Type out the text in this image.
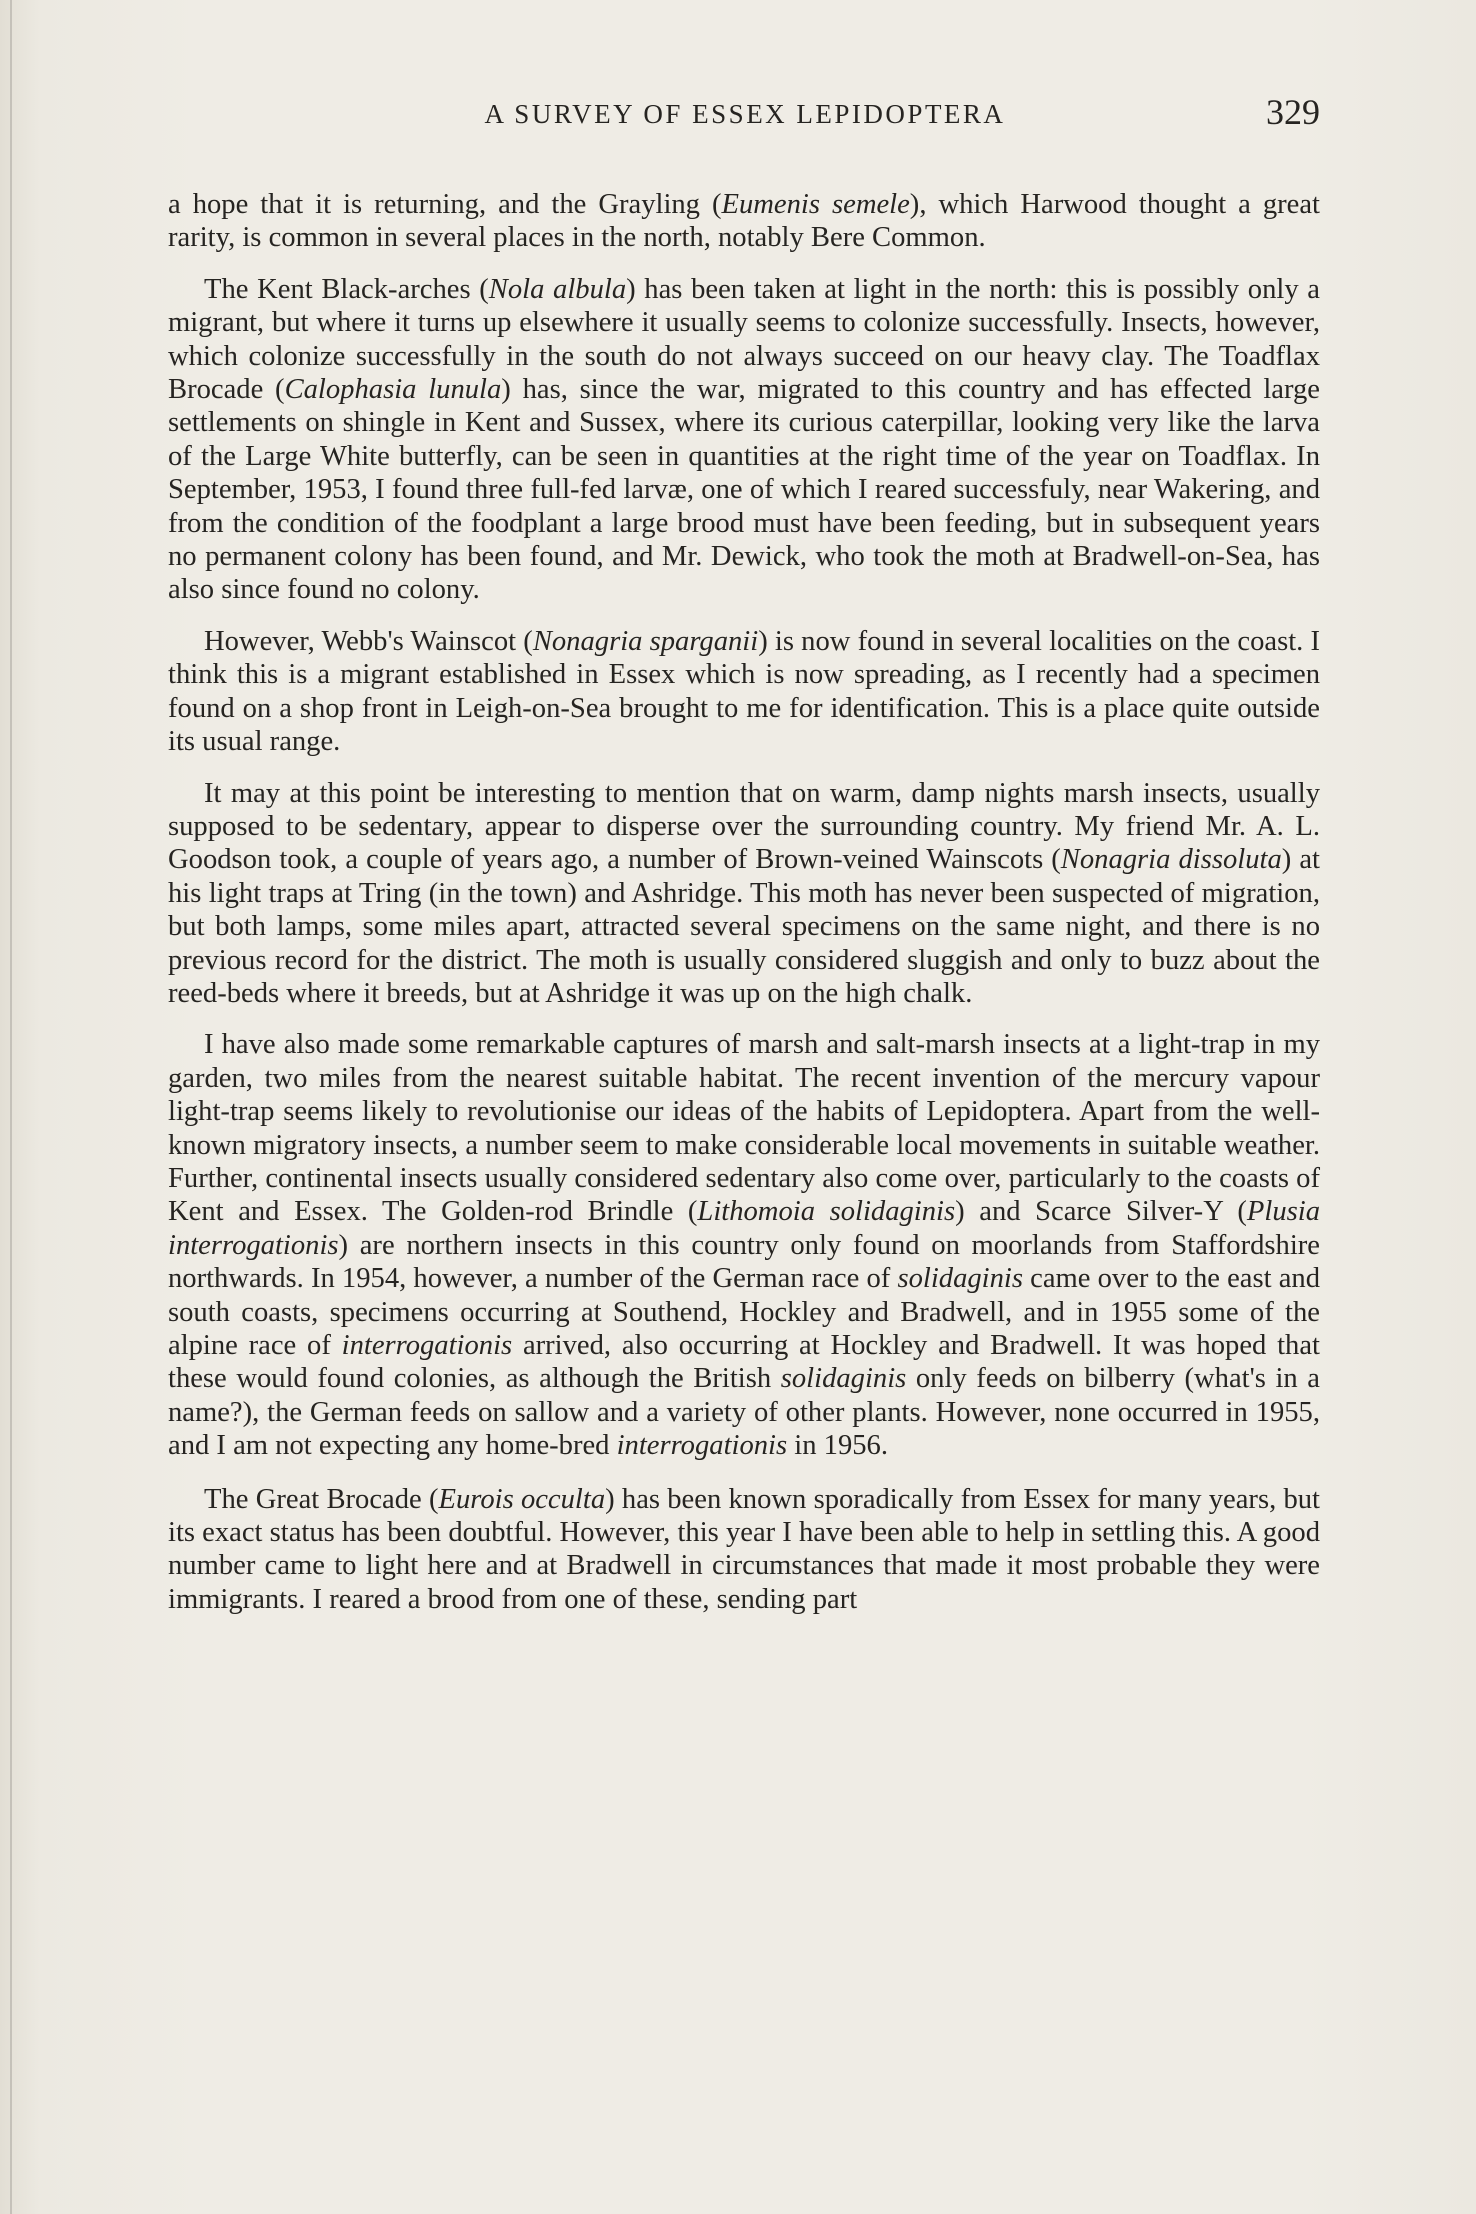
A SURVEY OF ESSEX LEPIDOPTERA	329

a hope that it is returning, and the Grayling (Eumenis semele), which Harwood thought a great rarity, is common in several places in the north, notably Bere Common.

The Kent Black-arches (Nola albula) has been taken at light in the north: this is possibly only a migrant, but where it turns up elsewhere it usually seems to colonize successfully. Insects, however, which colonize successfully in the south do not always succeed on our heavy clay. The Toadflax Brocade (Calophasia lunula) has, since the war, migrated to this country and has effected large settlements on shingle in Kent and Sussex, where its curious caterpillar, looking very like the larva of the Large White butterfly, can be seen in quantities at the right time of the year on Toadflax. In September, 1953, I found three full-fed larvæ, one of which I reared successfuly, near Wakering, and from the condition of the foodplant a large brood must have been feeding, but in subsequent years no permanent colony has been found, and Mr. Dewick, who took the moth at Bradwell-on-Sea, has also since found no colony.

However, Webb's Wainscot (Nonagria sparganii) is now found in several localities on the coast. I think this is a migrant established in Essex which is now spreading, as I recently had a specimen found on a shop front in Leigh-on-Sea brought to me for identification. This is a place quite outside its usual range.

It may at this point be interesting to mention that on warm, damp nights marsh insects, usually supposed to be sedentary, appear to disperse over the surrounding country. My friend Mr. A. L. Goodson took, a couple of years ago, a number of Brown-veined Wainscots (Nonagria dissoluta) at his light traps at Tring (in the town) and Ashridge. This moth has never been suspected of migration, but both lamps, some miles apart, attracted several specimens on the same night, and there is no previous record for the district. The moth is usually considered sluggish and only to buzz about the reed-beds where it breeds, but at Ashridge it was up on the high chalk.

I have also made some remarkable captures of marsh and salt-marsh insects at a light-trap in my garden, two miles from the nearest suitable habitat. The recent invention of the mercury vapour light-trap seems likely to revolutionise our ideas of the habits of Lepidoptera. Apart from the well-known migratory insects, a number seem to make considerable local movements in suitable weather. Further, continental insects usually considered sedentary also come over, particularly to the coasts of Kent and Essex. The Golden-rod Brindle (Lithomoia solidaginis) and Scarce Silver-Y (Plusia interrogationis) are northern insects in this country only found on moorlands from Staffordshire northwards. In 1954, however, a number of the German race of solidaginis came over to the east and south coasts, specimens occurring at Southend, Hockley and Bradwell, and in 1955 some of the alpine race of interrogationis arrived, also occurring at Hockley and Bradwell. It was hoped that these would found colonies, as although the British solidaginis only feeds on bilberry (what's in a name?), the German feeds on sallow and a variety of other plants. However, none occurred in 1955, and I am not expecting any home-bred interrogationis in 1956.

The Great Brocade (Eurois occulta) has been known sporadically from Essex for many years, but its exact status has been doubtful. However, this year I have been able to help in settling this. A good number came to light here and at Bradwell in circumstances that made it most probable they were immigrants. I reared a brood from one of these, sending part
